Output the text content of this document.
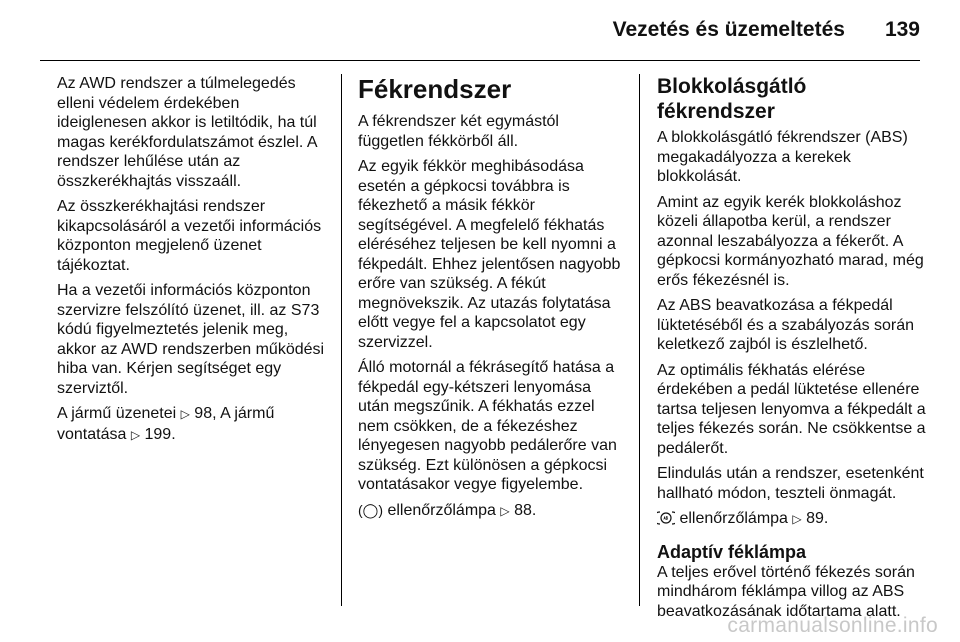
Vezetés és üzemeltetés 139

Az AWD rendszer a túlmelegedés elleni védelem érdekében ideiglenesen akkor is letiltódik, ha túl magas kerékfordulatszámot észlel. A rendszer lehűlése után az összkerékhajtás visszaáll.

Az összkerékhajtási rendszer kikapcsolásáról a vezetői információs központon megjelenő üzenet tájékoztat.

Ha a vezetői információs központon szervizre felszólító üzenet, ill. az S73 kódú figyelmeztetés jelenik meg, akkor az AWD rendszerben működési hiba van. Kérjen segítséget egy szerviztől.

A jármű üzenetei ▷ 98, A jármű vontatása ▷ 199.

Fékrendszer

A fékrendszer két egymástól független fékkörből áll.

Az egyik fékkör meghibásodása esetén a gépkocsi továbbra is fékezhető a másik fékkör segítségével. A megfelelő fékhatás eléréséhez teljesen be kell nyomni a fékpedált. Ehhez jelentősen nagyobb erőre van szükség. A fékút megnövekszik. Az utazás folytatása előtt vegye fel a kapcsolatot egy szervizzel.

Álló motornál a fékrásegítő hatása a fékpedál egy-kétszeri lenyomása után megszűnik. A fékhatás ezzel nem csökken, de a fékezéshez lényegesen nagyobb pedálerőre van szükség. Ezt különösen a gépkocsi vontatásakor vegye figyelembe.

(◯) ellenőrzőlámpa ▷ 88.

Blokkolásgátló fékrendszer

A blokkolásgátló fékrendszer (ABS) megakadályozza a kerekek blokkolását.

Amint az egyik kerék blokkoláshoz közeli állapotba kerül, a rendszer azonnal leszabályozza a fékerőt. A gépkocsi kormányozható marad, még erős fékezésnél is.

Az ABS beavatkozása a fékpedál lüktetéséből és a szabályozás során keletkező zajból is észlelhető.

Az optimális fékhatás elérése érdekében a pedál lüktetése ellenére tartsa teljesen lenyomva a fékpedált a teljes fékezés során. Ne csökkentse a pedálerőt.

Elindulás után a rendszer, esetenként hallható módon, teszteli önmagát.

ellenőrzőlámpa ▷ 89.

Adaptív féklámpa

A teljes erővel történő fékezés során mindhárom féklámpa villog az ABS beavatkozásának időtartama alatt.

carmanualsonline.info
